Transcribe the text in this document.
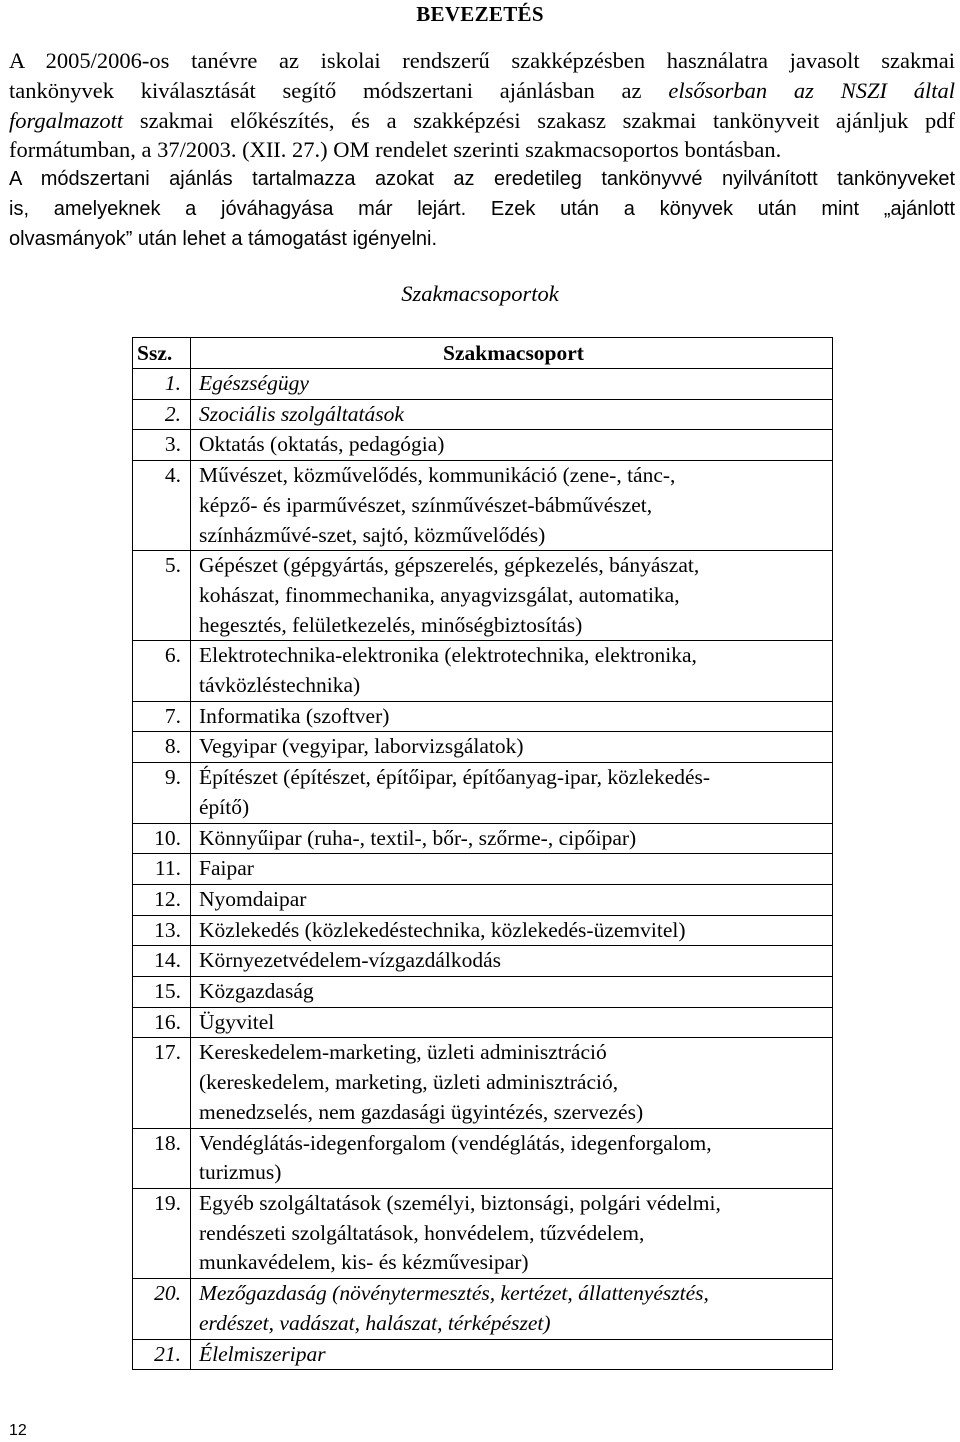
BEVEZETÉS
A 2005/2006-os tanévre az iskolai rendszerű szakképzésben használatra javasolt szakmai
tankönyvek kiválasztását segítő módszertani ajánlásban az elsősorban az NSZI által
forgalmazott szakmai előkészítés, és a szakképzési szakasz szakmai tankönyveit ajánljuk pdf
formátumban, a 37/2003. (XII. 27.) OM rendelet szerinti szakmacsoportos bontásban.
A módszertani ajánlás tartalmazza azokat az eredetileg tankönyvvé nyilvánított tankönyveket
is, amelyeknek a jóváhagyása már lejárt. Ezek után a könyvek után mint „ajánlott
olvasmányok” után lehet a támogatást igényelni.
Szakmacsoportok
Ssz.	Szakmacsoport
1.	Egészségügy
2.	Szociális szolgáltatások
3.	Oktatás (oktatás, pedagógia)
4.	Művészet, közművelődés, kommunikáció (zene-, tánc-,
képző- és iparművészet, színművészet-bábművészet,
színházművé-szet, sajtó, közművelődés)
5.	Gépészet (gépgyártás, gépszerelés, gépkezelés, bányászat,
kohászat, finommechanika, anyagvizsgálat, automatika,
hegesztés, felületkezelés, minőségbiztosítás)
6.	Elektrotechnika-elektronika (elektrotechnika, elektronika,
távközléstechnika)
7.	Informatika (szoftver)
8.	Vegyipar (vegyipar, laborvizsgálatok)
9.	Építészet (építészet, építőipar, építőanyag-ipar, közlekedés-
építő)
10.	Könnyűipar (ruha-, textil-, bőr-, szőrme-, cipőipar)
11.	Faipar
12.	Nyomdaipar
13.	Közlekedés (közlekedéstechnika, közlekedés-üzemvitel)
14.	Környezetvédelem-vízgazdálkodás
15.	Közgazdaság
16.	Ügyvitel
17.	Kereskedelem-marketing, üzleti adminisztráció
(kereskedelem, marketing, üzleti adminisztráció,
menedzselés, nem gazdasági ügyintézés, szervezés)
18.	Vendéglátás-idegenforgalom (vendéglátás, idegenforgalom,
turizmus)
19.	Egyéb szolgáltatások (személyi, biztonsági, polgári védelmi,
rendészeti szolgáltatások, honvédelem, tűzvédelem,
munkavédelem, kis- és kézművesipar)
20.	Mezőgazdaság (növénytermesztés, kertézet, állattenyésztés,
erdészet, vadászat, halászat, térképészet)
21.	Élelmiszeripar
12
